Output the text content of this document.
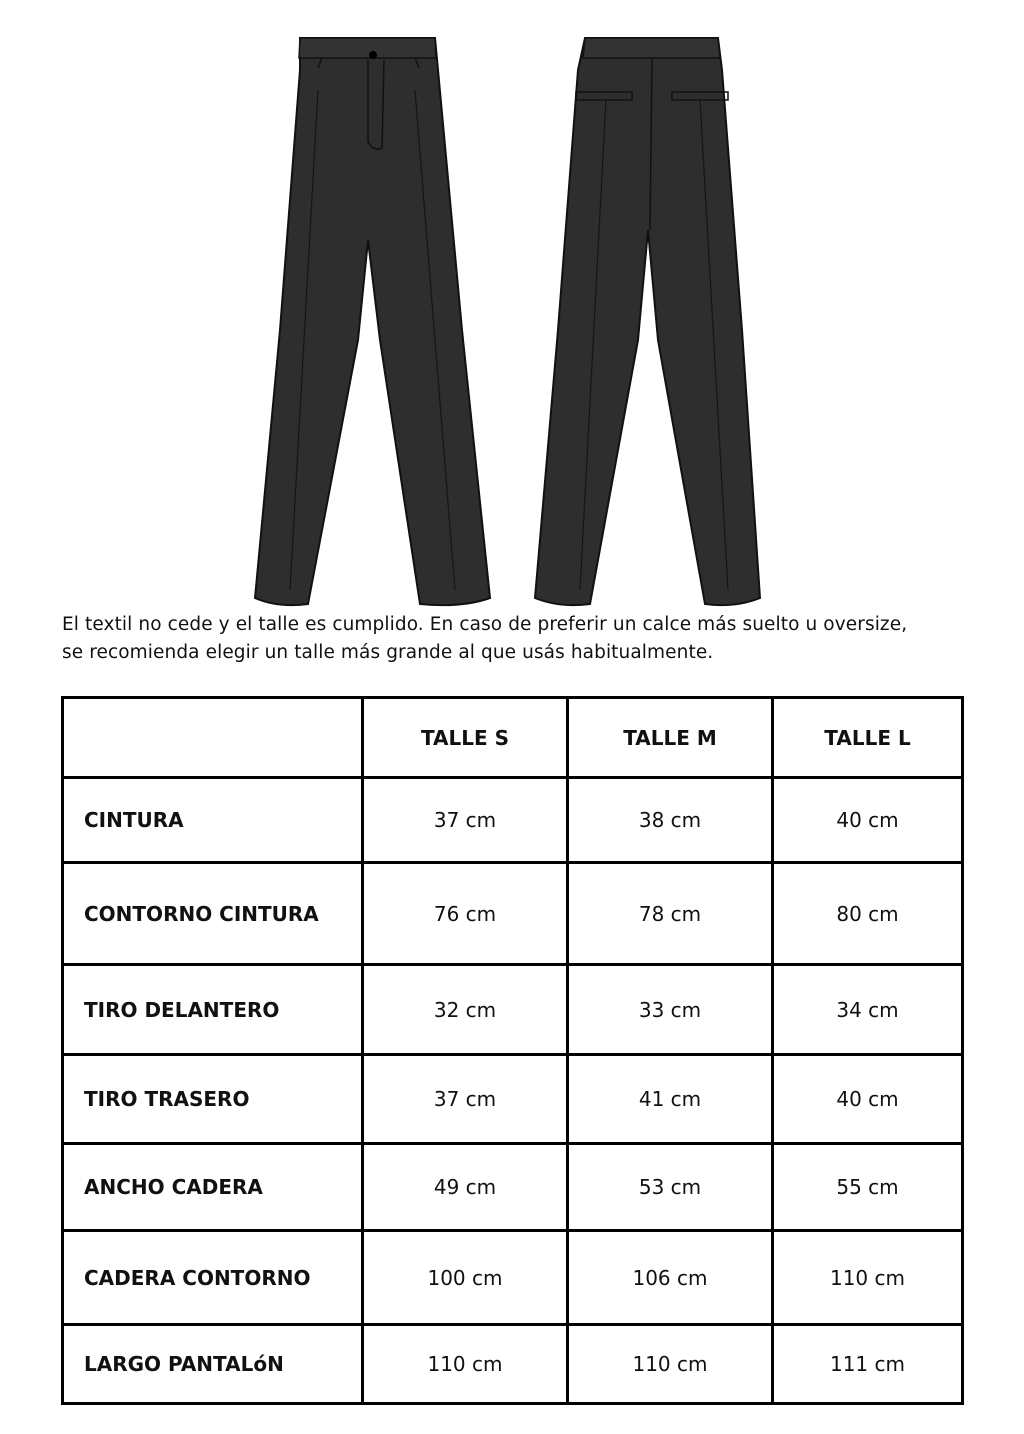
El textil no cede y el talle es cumplido. En caso de preferir un calce más suelto u oversize,

se recomienda elegir un talle más grande al que usás habitualmente.

	TALLE S	TALLE M	TALLE L
CINTURA	37 cm	38 cm	40 cm
CONTORNO CINTURA	76 cm	78 cm	80 cm
TIRO DELANTERO	32 cm	33 cm	34 cm
TIRO TRASERO	37 cm	41 cm	40 cm
ANCHO CADERA	49 cm	53 cm	55 cm
CADERA CONTORNO	100 cm	106 cm	110 cm
LARGO PANTALóN	110 cm	110 cm	111 cm
